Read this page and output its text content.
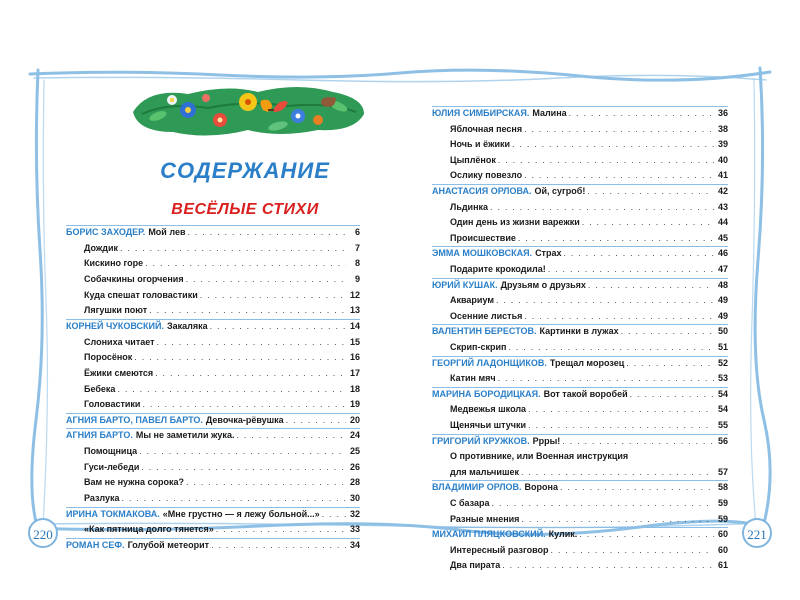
220	221
СОДЕРЖАНИЕ
ВЕСЁЛЫЕ СТИХИ
БОРИС ЗАХОДЕР. Мой лев . . .	6
Дождик . . .	7
Кискино горе . . .	8
Собачкины огорчения . . .	9
Куда спешат головастики . . .	12
Лягушки поют . . .	13
КОРНЕЙ ЧУКОВСКИЙ. Закаляка . . .	14
Слониха читает . . .	15
Поросёнок . . .	16
Ёжики смеются . . .	17
Бебека . . .	18
Головастики . . .	19
АГНИЯ БАРТО, ПАВЕЛ БАРТО. Девочка-рёвушка . . .	20
АГНИЯ БАРТО. Мы не заметили жука. . . .	24
Помощница . . .	25
Гуси-лебеди . . .	26
Вам не нужна сорока? . . .	28
Разлука . . .	30
ИРИНА ТОКМАКОВА. «Мне грустно — я лежу больной...» . . .	32
«Как пятница долго тянется» . . .	33
РОМАН СЕФ. Голубой метеорит . . .	34
ЮЛИЯ СИМБИРСКАЯ. Малина . . .	36
Яблочная песня . . .	38
Ночь и ёжики . . .	39
Цыплёнок . . .	40
Ослику повезло . . .	41
АНАСТАСИЯ ОРЛОВА. Ой, сугроб! . . .	42
Льдинка . . .	43
Один день из жизни варежки . . .	44
Происшествие . . .	45
ЭММА МОШКОВСКАЯ. Страх . . .	46
Подарите крокодила! . . .	47
ЮРИЙ КУШАК. Друзьям о друзьях . . .	48
Аквариум . . .	49
Осенние листья . . .	49
ВАЛЕНТИН БЕРЕСТОВ. Картинки в лужах . . .	50
Скрип-скрип . . .	51
ГЕОРГИЙ ЛАДОНЩИКОВ. Трещал морозец . . .	52
Катин мяч . . .	53
МАРИНА БОРОДИЦКАЯ. Вот такой воробей . . .	54
Медвежья школа . . .	54
Щенячьи штучки . . .	55
ГРИГОРИЙ КРУЖКОВ. Ррры! . . .	56
О противнике, или Военная инструкция
для мальчишек . . .	57
ВЛАДИМИР ОРЛОВ. Ворона . . .	58
С базара . . .	59
Разные мнения . . .	59
МИХАИЛ ПЛЯЦКОВСКИЙ. Кулик. . . .	60
Интересный разговор . . .	60
Два пирата . . .	61
